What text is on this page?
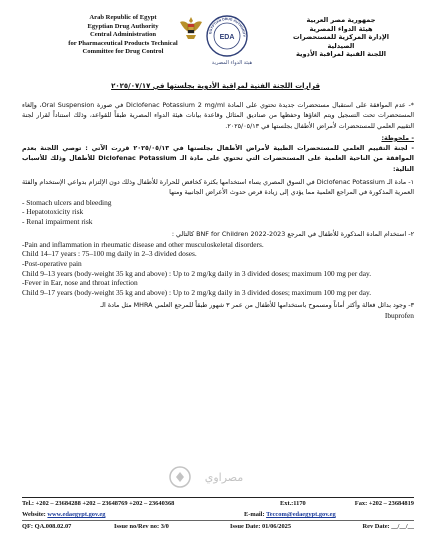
Arab Republic of Egypt
Egyptian Drug Authority
Central Administration
for Pharmaceutical Products Technical
Committee for Drug Control
EGYPTIAN DRUG AUTHORITY
EDA
هيئة الدواء المصرية
جمهورية مصر العربية
هيئة الدواء المصرية
الإدارة المركزية للمستحضرات الصيدلية
اللجنة الفنية لمراقبة الأدوية
قرارات اللجنة الفنية لمراقبة الأدوية بجلستها في ٢٠٢٥/٠٧/١٧
*- عدم الموافقة على استقبال مستحضرات جديدة تحتوي على المادة Diclofenac Potassium 2 mg/ml في صورة Oral Suspension، وإلغاء المستحضرات تحت التسجيل ويتم الغاؤها وحفظها من صناديق المثائل وقاعدة بيانات هيئة الدواء المصرية طبقاً للقواعد، وذلك استناداً لقرار لجنة التقييم العلمي للمستحضرات لأمراض الأطفال بجلستها في ٢٠٢٥/٠٥/١٣.
- ملحوظة:
- لجنة التقييم العلمي للمستحضرات الطبية لأمراض الأطفال بجلستها في ٢٠٢٥/٠٥/١٣ قررت الآتي : توصي اللجنة بعدم الموافقة من الناحية العلمية على المستحضرات التي تحتوي على مادة الـ Diclofenac Potassium للأطفال وذلك للأسباب التالية:
١- مادة الـ Diclofenac Potassium في السوق المصري يساء استخدامها بكثرة كخافض للحرارة للأطفال وذلك دون الإلتزام بدواعي الإستخدام والفئة العمرية المذكورة في المراجع العلمية مما يؤدي إلى زيادة فرص حدوث الأعراض الجانبية ومنها
- Stomach ulcers and bleeding
- Hepatotoxicity risk
- Renal impairment risk
٢- استخدام المادة المذكورة للأطفال في المرجع BNF for Children 2022-2023 كالتالي :
-Pain and inflammation in rheumatic disease and other musculoskeletal disorders.
Child 14–17 years : 75–100 mg daily in 2–3 divided doses.
-Post-operative pain
Child 9–13 years (body-weight 35 kg and above) : Up to 2 mg/kg daily in 3 divided doses; maximum 100 mg per day.
-Fever in Ear, nose and throat infection
Child 9–17 years (body-weight 35 kg and above) : Up to 2 mg/kg daily in 3 divided doses; maximum 100 mg per day.
٣- وجود بدائل فعالة وأكثر أماناً ومسموح باستخدامها للأطفال من عمر ٣ شهور طبقاً للمرجع العلمي MHRA مثل مادة الـ
Ibuprofen
مصراوي
Tel.: +202 – 23684288 +202 – 23648769 +202 – 23640368	Ext.:1170	Fax: +202 – 23684819
Website: www.edaegypt.gov.eg	E-mail: Teccom@edaegypt.gov.eg
QF: QA.008.02.07	Issue no/Rev no: 3/0	Issue Date: 01/06/2025	Rev Date: __/__/__
